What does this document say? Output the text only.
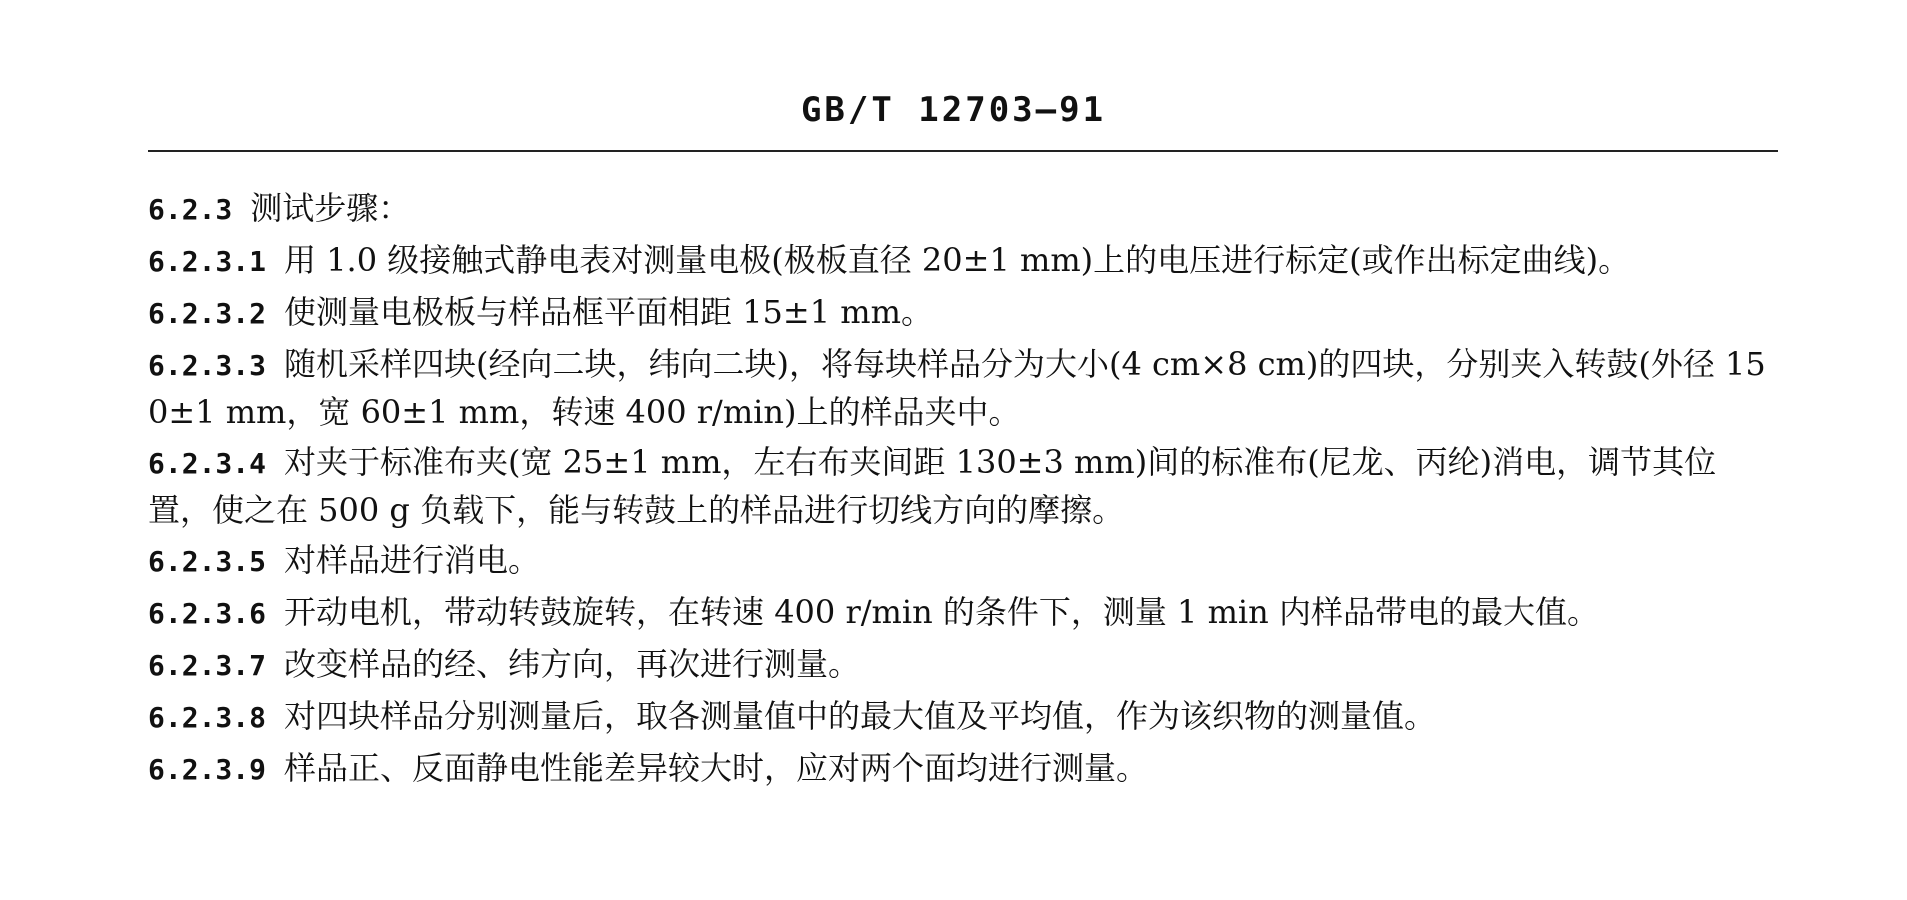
GB/T 12703—91

6.2.3 测试步骤：

6.2.3.1 用 1.0 级接触式静电表对测量电极(极板直径 20±1 mm)上的电压进行标定(或作出标定曲线)。

6.2.3.2 使测量电极板与样品框平面相距 15±1 mm。

6.2.3.3 随机采样四块(经向二块，纬向二块)，将每块样品分为大小(4 cm×8 cm)的四块，分别夹入转鼓(外径 150±1 mm，宽 60±1 mm，转速 400 r/min)上的样品夹中。

6.2.3.4 对夹于标准布夹(宽 25±1 mm，左右布夹间距 130±3 mm)间的标准布(尼龙、丙纶)消电，调节其位置，使之在 500 g 负载下，能与转鼓上的样品进行切线方向的摩擦。

6.2.3.5 对样品进行消电。

6.2.3.6 开动电机，带动转鼓旋转，在转速 400 r/min 的条件下，测量 1 min 内样品带电的最大值。

6.2.3.7 改变样品的经、纬方向，再次进行测量。

6.2.3.8 对四块样品分别测量后，取各测量值中的最大值及平均值，作为该织物的测量值。

6.2.3.9 样品正、反面静电性能差异较大时，应对两个面均进行测量。
